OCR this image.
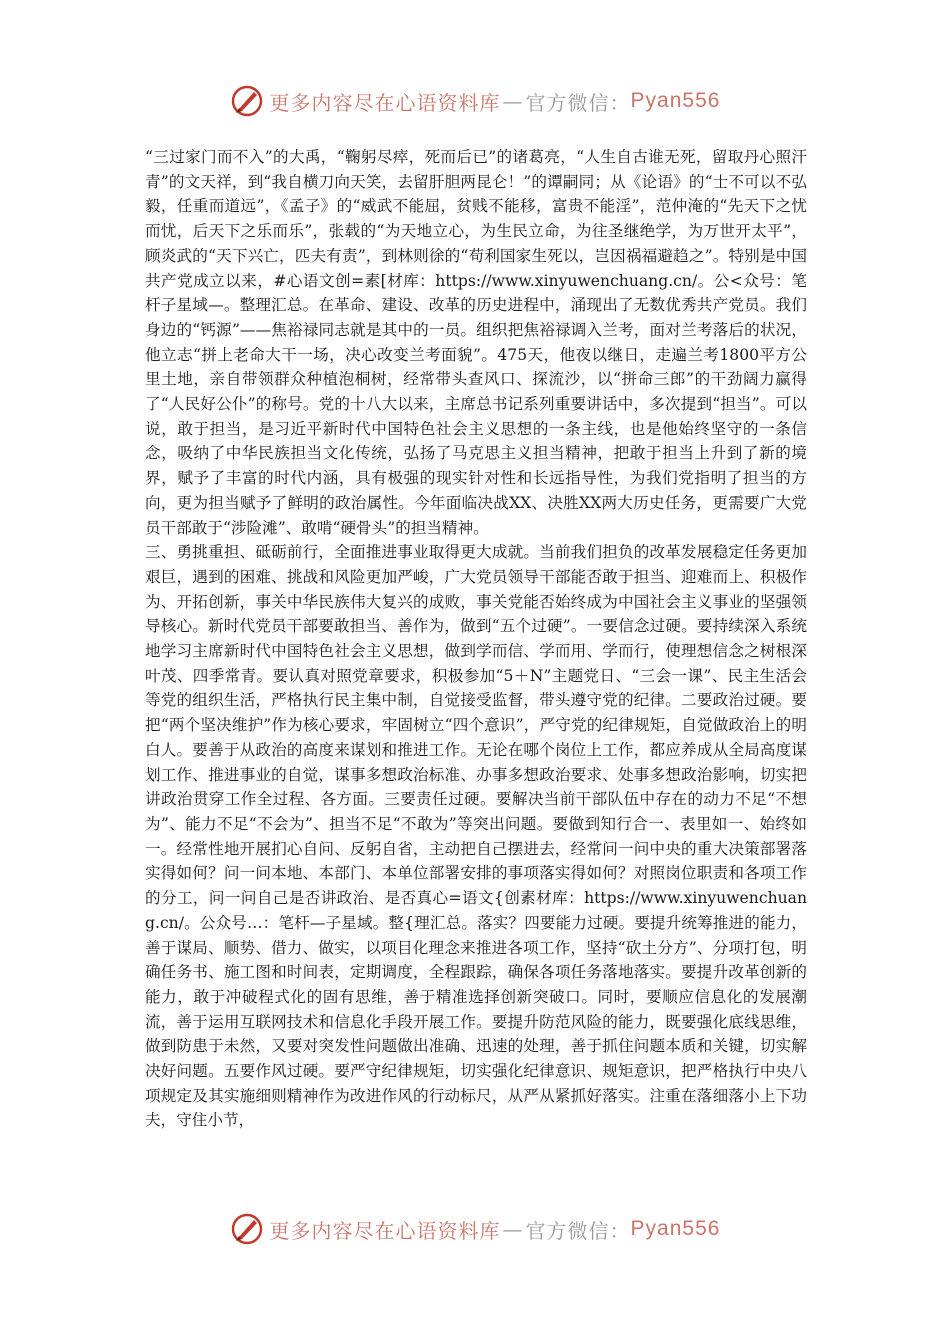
更多内容尽在心语资料库 — 官方微信： Pyan556

“三过家门而不入”的大禹，“鞠躬尽瘁，死而后已”的诸葛亮，“人生自古谁无死，留取丹心照汗青”的文天祥，到“我自横刀向天笑，去留肝胆两昆仑！”的谭嗣同；从《论语》的“士不可以不弘毅，任重而道远”，《孟子》的“威武不能屈，贫贱不能移，富贵不能淫”，范仲淹的“先天下之忧而忧，后天下之乐而乐”，张载的“为天地立心，为生民立命，为往圣继绝学，为万世开太平”，顾炎武的“天下兴亡，匹夫有责”，到林则徐的“苟利国家生死以，岂因祸福避趋之”。特别是中国共产党成立以来，#心语文创=素[材库：https://www.xinyuwenchuang.cn/。公<众号：笔杆子星域—。整理汇总。在革命、建设、改革的历史进程中，涌现出了无数优秀共产党员。我们身边的“钙源”——焦裕禄同志就是其中的一员。组织把焦裕禄调入兰考，面对兰考落后的状况，他立志“拼上老命大干一场，决心改变兰考面貌”。475天，他夜以继日，走遍兰考1800平方公里土地，亲自带领群众种植泡桐树，经常带头查风口、探流沙，以“拼命三郎”的干劲阔力赢得了“人民好公仆”的称号。党的十八大以来，主席总书记系列重要讲话中，多次提到“担当”。可以说，敢于担当，是习近平新时代中国特色社会主义思想的一条主线，也是他始终坚守的一条信念，吸纳了中华民族担当文化传统，弘扬了马克思主义担当精神，把敢于担当上升到了新的境界，赋予了丰富的时代内涵，具有极强的现实针对性和长远指导性，为我们党指明了担当的方向，更为担当赋予了鲜明的政治属性。今年面临决战XX、决胜XX两大历史任务，更需要广大党员干部敢于“涉险滩”、敢啃“硬骨头”的担当精神。

三、勇挑重担、砥砺前行，全面推进事业取得更大成就。当前我们担负的改革发展稳定任务更加艰巨，遇到的困难、挑战和风险更加严峻，广大党员领导干部能否敢于担当、迎难而上、积极作为、开拓创新，事关中华民族伟大复兴的成败，事关党能否始终成为中国社会主义事业的坚强领导核心。新时代党员干部要敢担当、善作为，做到“五个过硬”。一要信念过硬。要持续深入系统地学习主席新时代中国特色社会主义思想，做到学而信、学而用、学而行，使理想信念之树根深叶茂、四季常青。要认真对照党章要求，积极参加“5＋N”主题党日、“三会一课”、民主生活会等党的组织生活，严格执行民主集中制，自觉接受监督，带头遵守党的纪律。二要政治过硬。要把“两个坚决维护”作为核心要求，牢固树立“四个意识”，严守党的纪律规矩，自觉做政治上的明白人。要善于从政治的高度来谋划和推进工作。无论在哪个岗位上工作，都应养成从全局高度谋划工作、推进事业的自觉，谋事多想政治标准、办事多想政治要求、处事多想政治影响，切实把讲政治贯穿工作全过程、各方面。三要责任过硬。要解决当前干部队伍中存在的动力不足“不想为”、能力不足“不会为”、担当不足“不敢为”等突出问题。要做到知行合一、表里如一、始终如一。经常性地开展扪心自问、反躬自省，主动把自己摆进去，经常问一问中央的重大决策部署落实得如何？问一问本地、本部门、本单位部署安排的事项落实得如何？对照岗位职责和各项工作的分工，问一问自己是否讲政治、是否真心=语文{创素材库：https://www.xinyuwenchuang.cn/。公众号…：笔杆—子星域。整{理汇总。落实？四要能力过硬。要提升统筹推进的能力，善于谋局、顺势、借力、做实，以项目化理念来推进各项工作，坚持“砍土分方”、分项打包，明确任务书、施工图和时间表，定期调度，全程跟踪，确保各项任务落地落实。要提升改革创新的能力，敢于冲破程式化的固有思维，善于精准选择创新突破口。同时，要顺应信息化的发展潮流，善于运用互联网技术和信息化手段开展工作。要提升防范风险的能力，既要强化底线思维，做到防患于未然，又要对突发性问题做出准确、迅速的处理，善于抓住问题本质和关键，切实解决好问题。五要作风过硬。要严守纪律规矩，切实强化纪律意识、规矩意识，把严格执行中央八项规定及其实施细则精神作为改进作风的行动标尺，从严从紧抓好落实。注重在落细落小上下功夫，守住小节，

更多内容尽在心语资料库 — 官方微信： Pyan556
